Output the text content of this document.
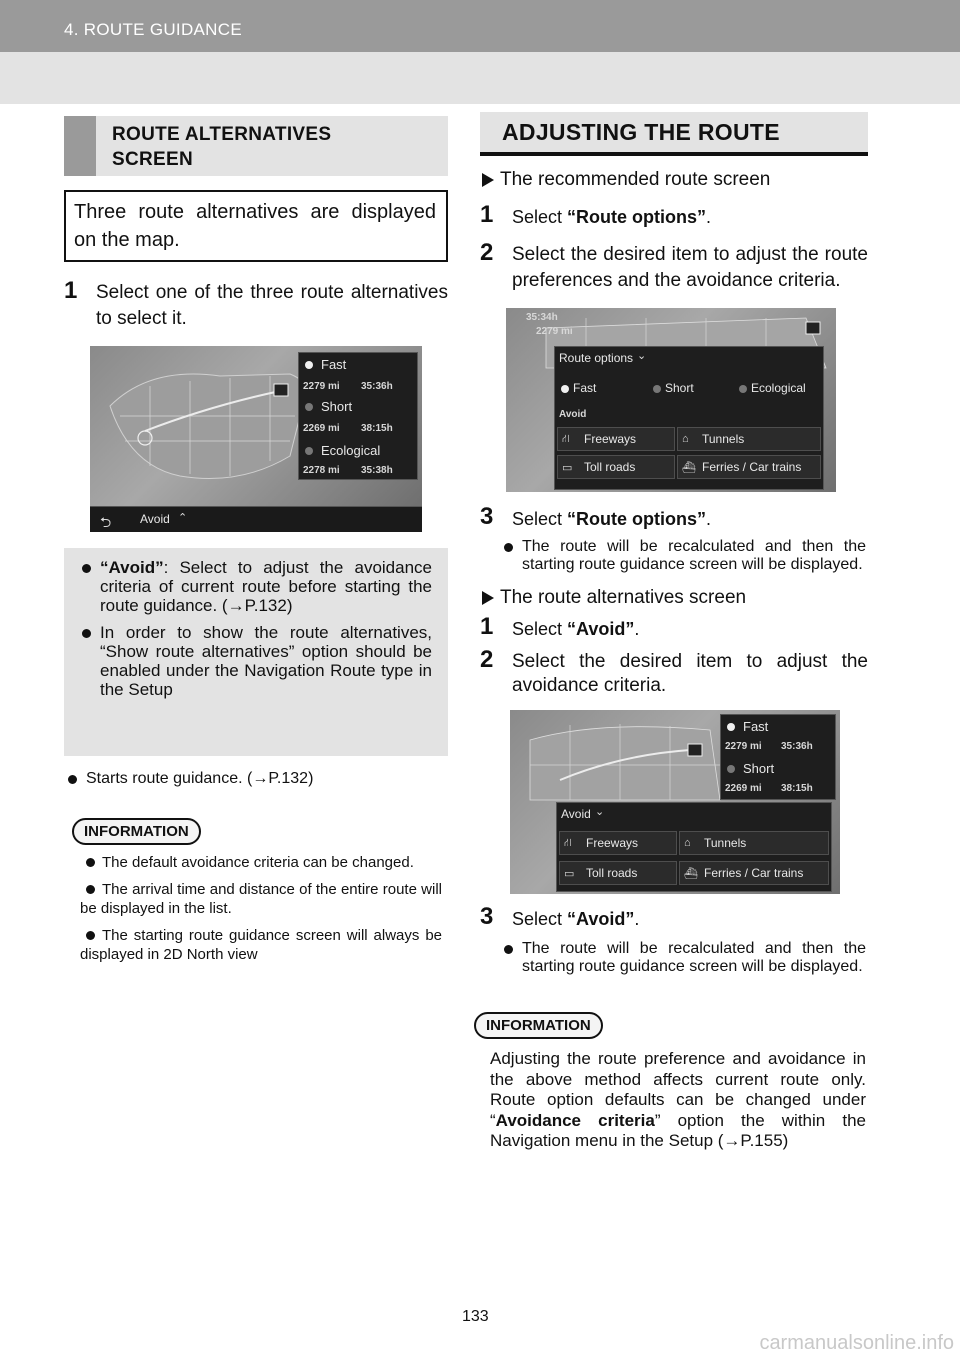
4. ROUTE GUIDANCE
ROUTE ALTERNATIVES SCREEN
Three route alternatives are displayed on the map.
1 Select one of the three route alternatives to select it.
Fast
2279 mi 35:36h
Short
2269 mi 38:15h
Ecological
2278 mi 35:38h
⮌ Avoid ⌃
“Avoid”: Select to adjust the avoidance criteria of current route before starting the route guidance. (→P.132)
In order to show the route alternatives, “Show route alternatives” option should be enabled under the Navigation Route type in the Setup
Starts route guidance. (→P.132)
INFORMATION
The default avoidance criteria can be changed.
The arrival time and distance of the entire route will be displayed in the list.
The starting route guidance screen will always be displayed in 2D North view
ADJUSTING THE ROUTE
The recommended route screen
1 Select “Route options”.
2 Select the desired item to adjust the route preferences and the avoidance criteria.
35:34h
2279 mi
Route options ⌄
Fast	Short	Ecological
Avoid
⛙ Freeways	⌂ Tunnels
▭ Toll roads	⛴ Ferries / Car trains
3 Select “Route options”.
The route will be recalculated and then the starting route guidance screen will be displayed.
The route alternatives screen
1 Select “Avoid”.
2 Select the desired item to adjust the avoidance criteria.
Fast
2279 mi 35:36h
Short
2269 mi 38:15h
Avoid ⌄
⛙ Freeways	⌂ Tunnels
▭ Toll roads	⛴ Ferries / Car trains
3 Select “Avoid”.
The route will be recalculated and then the starting route guidance screen will be displayed.
INFORMATION
Adjusting the route preference and avoidance in the above method affects current route only. Route option defaults can be changed under “Avoidance criteria” option the within the Navigation menu in the Setup (→P.155)
133
carmanualsonline.info
